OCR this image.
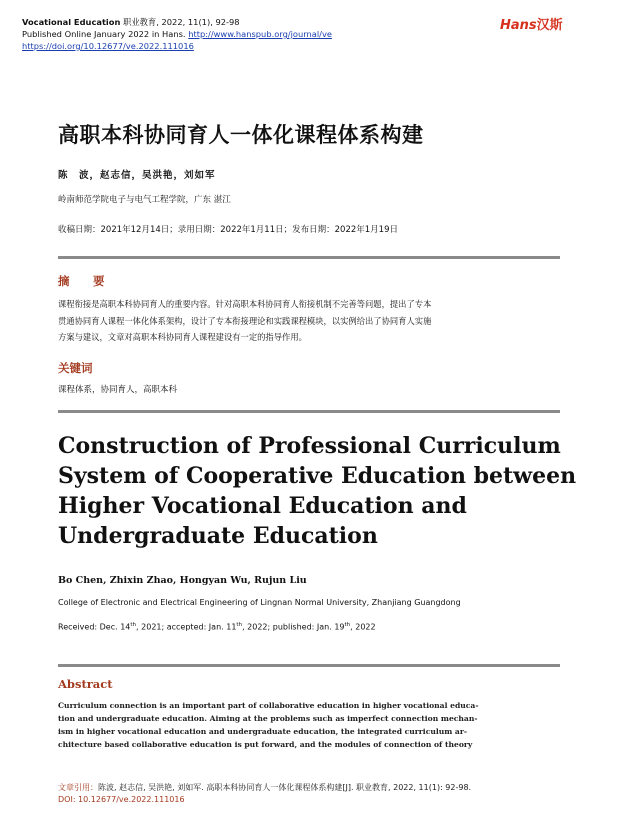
Vocational Education 职业教育, 2022, 11(1), 92-98
Published Online January 2022 in Hans. http://www.hanspub.org/journal/ve
https://doi.org/10.12677/ve.2022.111016
Hans汉斯
高职本科协同育人一体化课程体系构建
陈　波，赵志信，吴洪艳，刘如军
岭南师范学院电子与电气工程学院，广东 湛江
收稿日期：2021年12月14日；录用日期：2022年1月11日；发布日期：2022年1月19日
摘　要
课程衔接是高职本科协同育人的重要内容。针对高职本科协同育人衔接机制不完善等问题，提出了专本
贯通协同育人课程一体化体系架构，设计了专本衔接理论和实践课程模块，以实例给出了协同育人实施
方案与建议，文章对高职本科协同育人课程建设有一定的指导作用。
关键词
课程体系，协同育人，高职本科
Construction of Professional Curriculum
System of Cooperative Education between
Higher Vocational Education and
Undergraduate Education
Bo Chen, Zhixin Zhao, Hongyan Wu, Rujun Liu
College of Electronic and Electrical Engineering of Lingnan Normal University, Zhanjiang Guangdong
Received: Dec. 14th, 2021; accepted: Jan. 11th, 2022; published: Jan. 19th, 2022
Abstract
Curriculum connection is an important part of collaborative education in higher vocational educa-
tion and undergraduate education. Aiming at the problems such as imperfect connection mechan-
ism in higher vocational education and undergraduate education, the integrated curriculum ar-
chitecture based collaborative education is put forward, and the modules of connection of theory
文章引用：陈波, 赵志信, 吴洪艳, 刘如军. 高职本科协同育人一体化课程体系构建[J]. 职业教育, 2022, 11(1): 92-98.
DOI: 10.12677/ve.2022.111016
